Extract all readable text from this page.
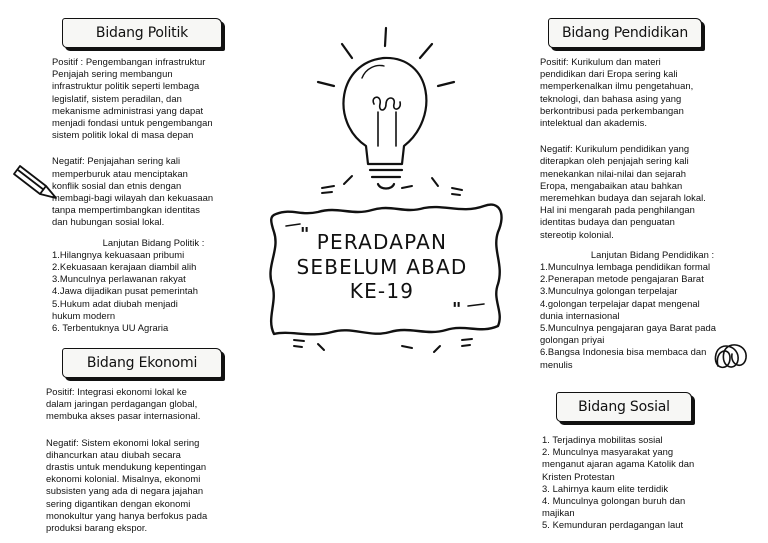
"
"
Bidang Politik

Positif : Pengembangan infrastruktur
Penjajah sering membangun
infrastruktur politik seperti lembaga
legislatif, sistem peradilan, dan
mekanisme administrasi yang dapat
menjadi fondasi untuk pengembangan
sistem politik lokal di masa depan

Negatif: Penjajahan sering kali
memperburuk atau menciptakan
konflik sosial dan etnis dengan
membagi-bagi wilayah dan kekuasaan
tanpa mempertimbangkan identitas
dan hubungan sosial lokal.

Lanjutan Bidang Politik :

1.Hilangnya kekuasaan pribumi
2.Kekuasaan kerajaan diambil alih
3.Munculnya perlawanan rakyat
4.Jawa dijadikan pusat pemerintah
5.Hukum adat diubah menjadi
hukum modern
6. Terbentuknya UU Agraria
Bidang Ekonomi

Positif: Integrasi ekonomi lokal ke
dalam jaringan perdagangan global,
membuka akses pasar internasional.

Negatif: Sistem ekonomi lokal sering
dihancurkan atau diubah secara
drastis untuk mendukung kepentingan
ekonomi kolonial. Misalnya, ekonomi
subsisten yang ada di negara jajahan
sering digantikan dengan ekonomi
monokultur yang hanya berfokus pada
produksi barang ekspor.

Bidang Pendidikan

Positif: Kurikulum dan materi
pendidikan dari Eropa sering kali
memperkenalkan ilmu pengetahuan,
teknologi, dan bahasa asing yang
berkontribusi pada perkembangan
intelektual dan akademis.

Negatif: Kurikulum pendidikan yang
diterapkan oleh penjajah sering kali
menekankan nilai-nilai dan sejarah
Eropa, mengabaikan atau bahkan
meremehkan budaya dan sejarah lokal.
Hal ini mengarah pada penghilangan
identitas budaya dan penguatan
stereotip kolonial.

Lanjutan Bidang Pendidikan :

1.Munculnya lembaga pendidikan formal
2.Penerapan metode pengajaran Barat
3.Munculnya golongan terpelajar
4.golongan terpelajar dapat mengenal
dunia internasional
5.Munculnya pengajaran gaya Barat pada
golongan priyai
6.Bangsa Indonesia bisa membaca dan
menulis
Bidang Sosial
1. Terjadinya mobilitas sosial
2. Munculnya masyarakat yang
menganut ajaran agama Katolik dan
Kristen Protestan
3. Lahirnya kaum elite terdidik
4. Munculnya golongan buruh dan
majikan
5. Kemunduran perdagangan laut
PERADAPAN
SEBELUM ABAD
KE-19
